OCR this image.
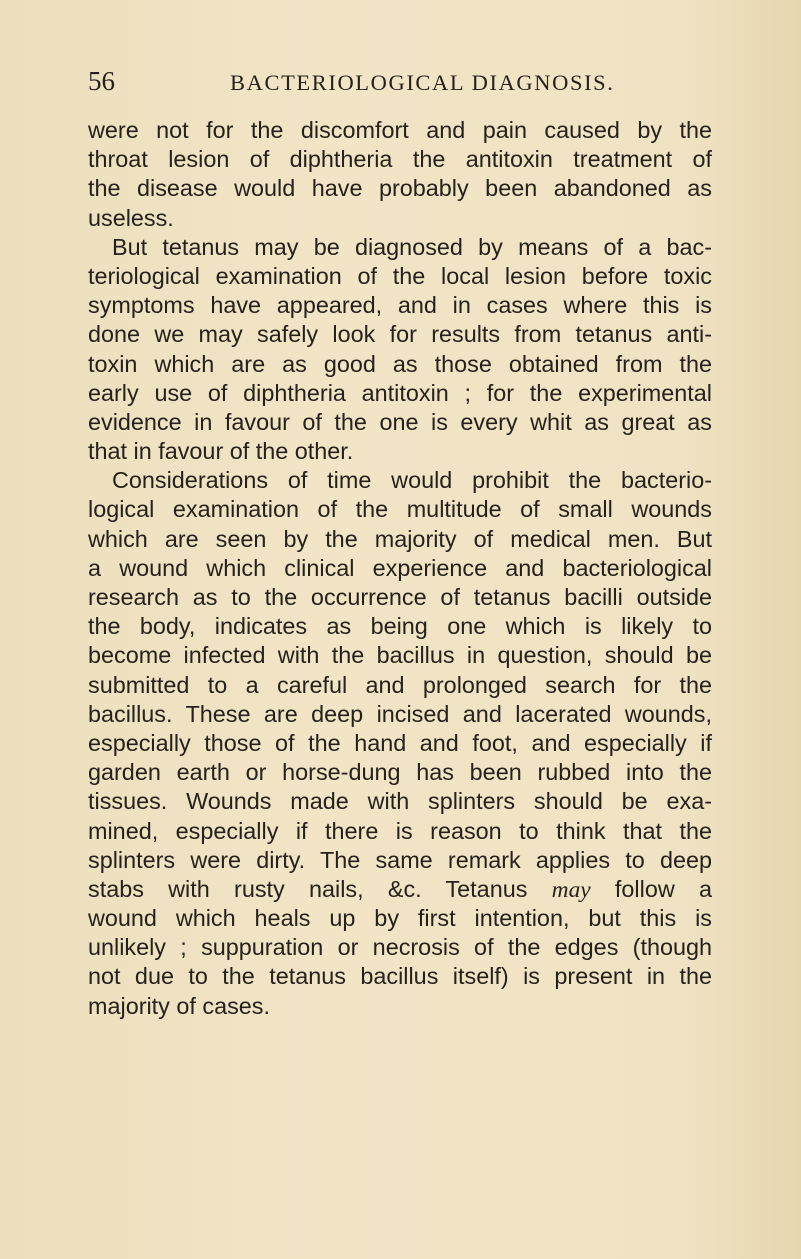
56	BACTERIOLOGICAL DIAGNOSIS.
were not for the discomfort and pain caused by the
throat lesion of diphtheria the antitoxin treatment of
the disease would have probably been abandoned as
useless.
But tetanus may be diagnosed by means of a bac-
teriological examination of the local lesion before toxic
symptoms have appeared, and in cases where this is
done we may safely look for results from tetanus anti-
toxin which are as good as those obtained from the
early use of diphtheria antitoxin ; for the experimental
evidence in favour of the one is every whit as great as
that in favour of the other.
Considerations of time would prohibit the bacterio-
logical examination of the multitude of small wounds
which are seen by the majority of medical men. But
a wound which clinical experience and bacteriological
research as to the occurrence of tetanus bacilli outside
the body, indicates as being one which is likely to
become infected with the bacillus in question, should be
submitted to a careful and prolonged search for the
bacillus. These are deep incised and lacerated wounds,
especially those of the hand and foot, and especially if
garden earth or horse-dung has been rubbed into the
tissues. Wounds made with splinters should be exa-
mined, especially if there is reason to think that the
splinters were dirty. The same remark applies to deep
stabs with rusty nails, &c. Tetanus may follow a
wound which heals up by first intention, but this is
unlikely ; suppuration or necrosis of the edges (though
not due to the tetanus bacillus itself) is present in the
majority of cases.
